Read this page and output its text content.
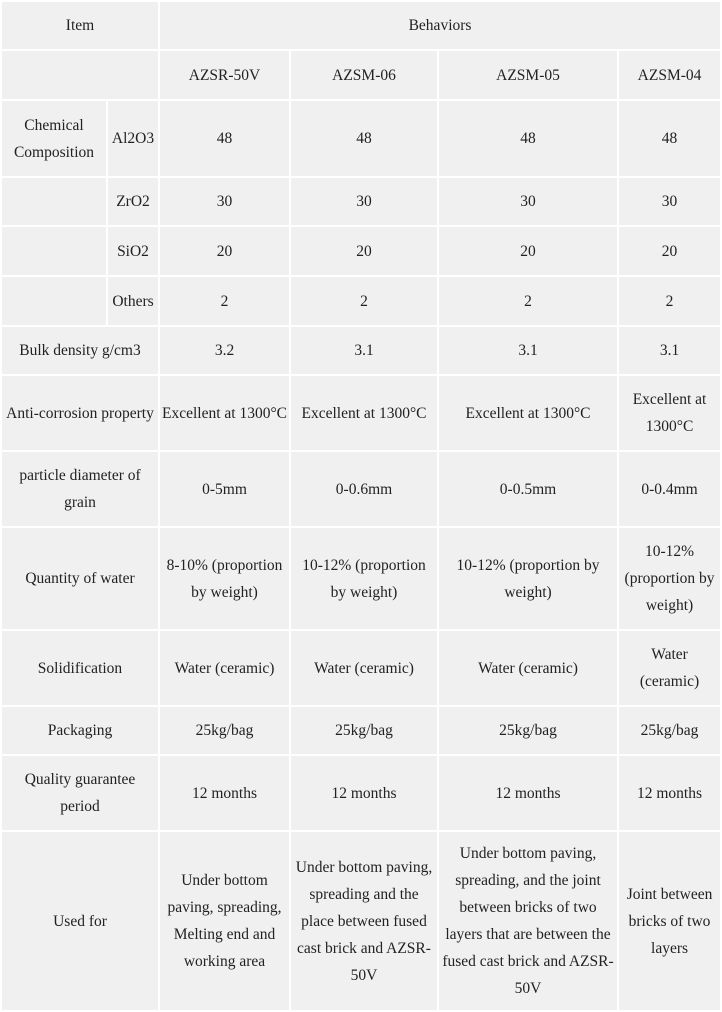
Item		Behaviors			
		AZSR-50V	AZSM-06	AZSM-05	AZSM-04
Chemical Composition	Al2O3	48	48	48	48
	ZrO2	30	30	30	30
	SiO2	20	20	20	20
	Others	2	2	2	2
Bulk density g/cm3		3.2	3.1	3.1	3.1
Anti-corrosion property		Excellent at 1300°C	Excellent at 1300°C	Excellent at 1300°C	Excellent at 1300°C
particle diameter of grain		0-5mm	0-0.6mm	0-0.5mm	0-0.4mm
Quantity of water		8-10% (proportion by weight)	10-12% (proportion by weight)	10-12% (proportion by weight)	10-12% (proportion by weight)
Solidification		Water (ceramic)	Water (ceramic)	Water (ceramic)	Water (ceramic)
Packaging		25kg/bag	25kg/bag	25kg/bag	25kg/bag
Quality guarantee period		12 months	12 months	12 months	12 months
Used for		Under bottom paving, spreading, Melting end and working area	Under bottom paving, spreading and the place between fused cast brick and AZSR-50V	Under bottom paving, spreading, and the joint between bricks of two layers that are between the fused cast brick and AZSR-50V	Joint between bricks of two layers
